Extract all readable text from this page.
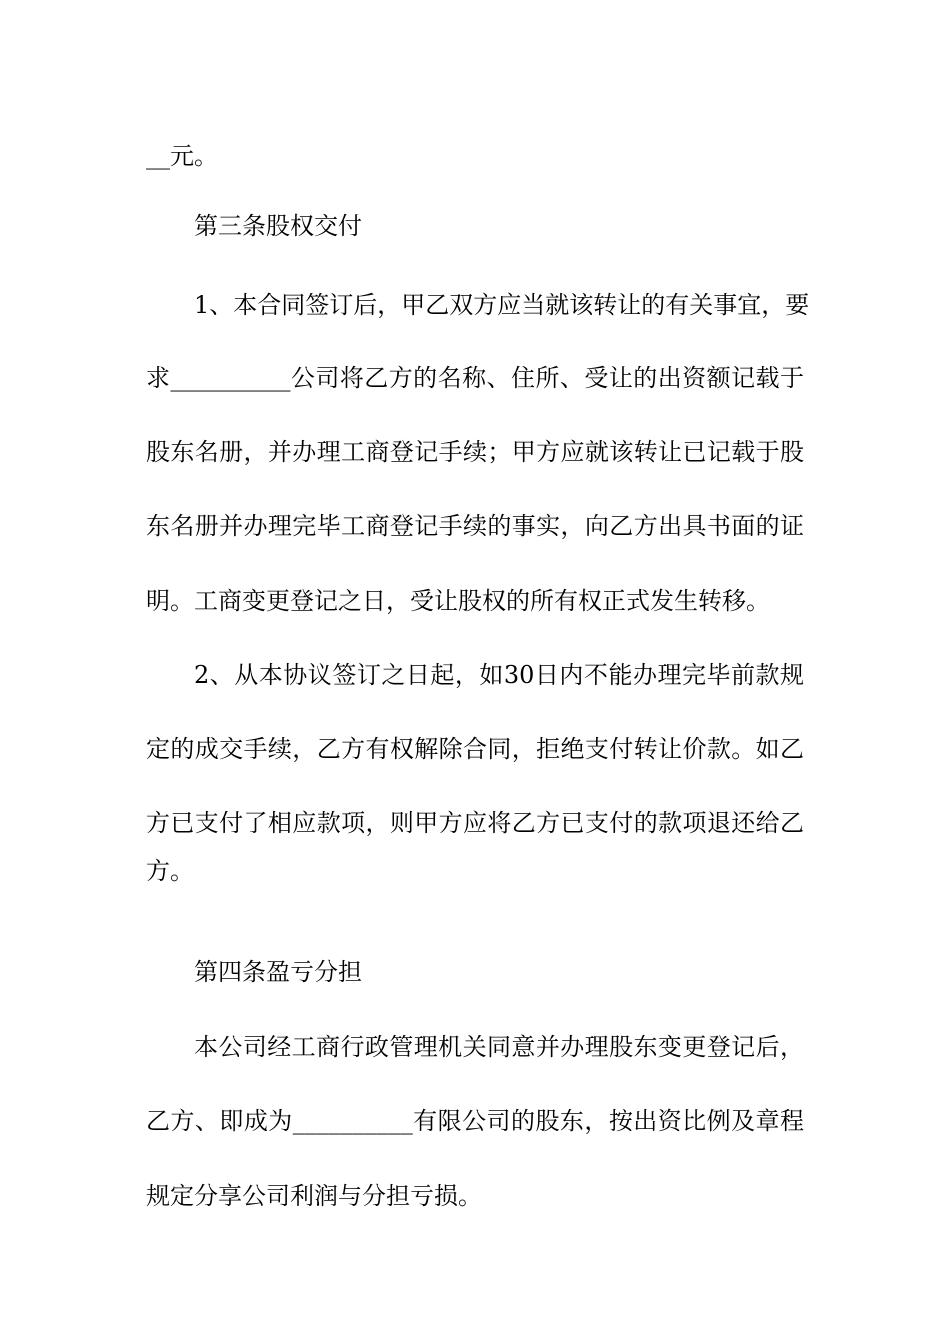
__元。
第三条股权交付
1、本合同签订后，甲乙双方应当就该转让的有关事宜，要
求__________公司将乙方的名称、住所、受让的出资额记载于
股东名册，并办理工商登记手续；甲方应就该转让已记载于股
东名册并办理完毕工商登记手续的事实，向乙方出具书面的证
明。工商变更登记之日，受让股权的所有权正式发生转移。
2、从本协议签订之日起，如30日内不能办理完毕前款规
定的成交手续，乙方有权解除合同，拒绝支付转让价款。如乙
方已支付了相应款项，则甲方应将乙方已支付的款项退还给乙
方。
第四条盈亏分担
本公司经工商行政管理机关同意并办理股东变更登记后，
乙方、即成为__________有限公司的股东，按出资比例及章程
规定分享公司利润与分担亏损。
